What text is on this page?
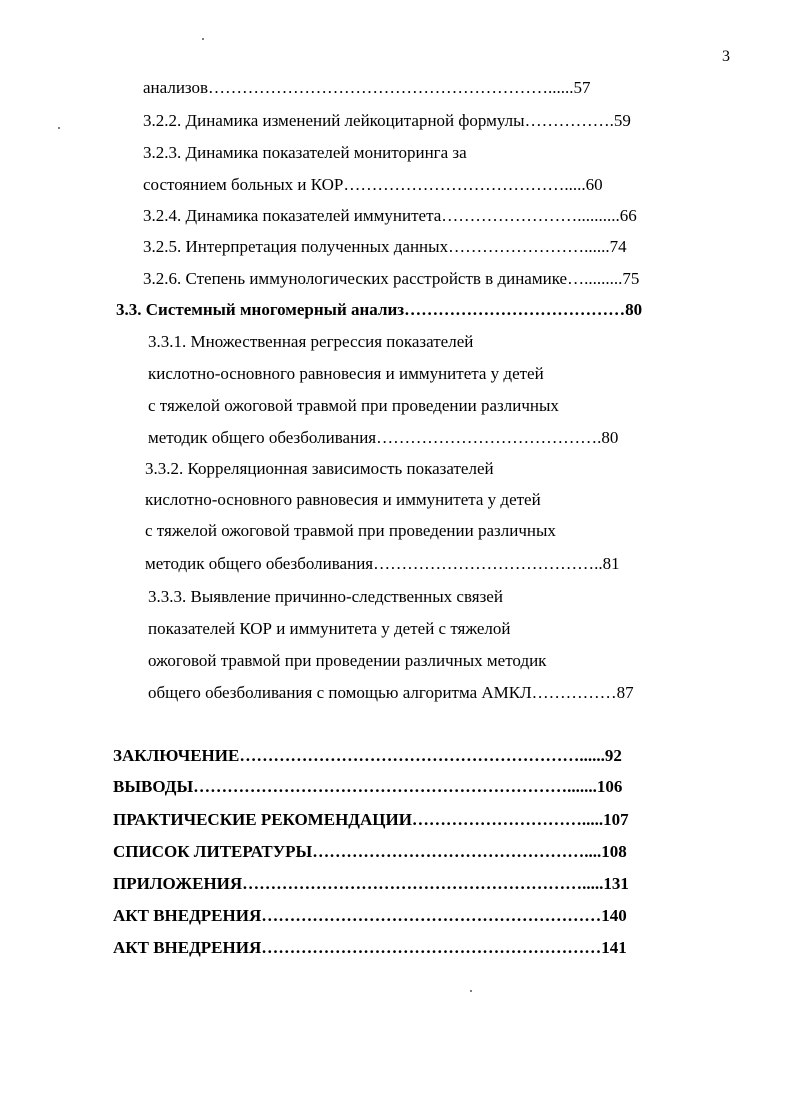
3
анализов……………………………………………………......57
3.2.2. Динамика изменений лейкоцитарной формулы…………….59
3.2.3. Динамика показателей мониторинга за
состоянием больных и КОР………………………………….....60
3.2.4. Динамика показателей иммунитета……………………..........66
3.2.5. Интерпретация полученных данных……………………......74
3.2.6. Степень иммунологических расстройств в динамике….........75
3.3. Системный многомерный анализ…………………………………80
3.3.1. Множественная регрессия показателей
кислотно-основного равновесия и иммунитета у детей
с тяжелой ожоговой травмой при проведении различных
методик общего обезболивания………………………………….80
3.3.2. Корреляционная зависимость показателей
кислотно-основного равновесия и иммунитета у детей
с тяжелой ожоговой травмой при проведении различных
методик общего обезболивания…………………………………..81
3.3.3. Выявление причинно-следственных связей
показателей КОР и иммунитета у детей с тяжелой
ожоговой травмой при проведении различных методик
общего обезболивания с помощью алгоритма АМКЛ……………87
ЗАКЛЮЧЕНИЕ……………………………………………………......92
ВЫВОДЫ………………………………………………………….......106
ПРАКТИЧЕСКИЕ РЕКОМЕНДАЦИИ………………………….....107
СПИСОК ЛИТЕРАТУРЫ…………………………………………....108
ПРИЛОЖЕНИЯ…………………………………………………….....131
АКТ ВНЕДРЕНИЯ……………………………………………………140
АКТ ВНЕДРЕНИЯ……………………………………………………141
